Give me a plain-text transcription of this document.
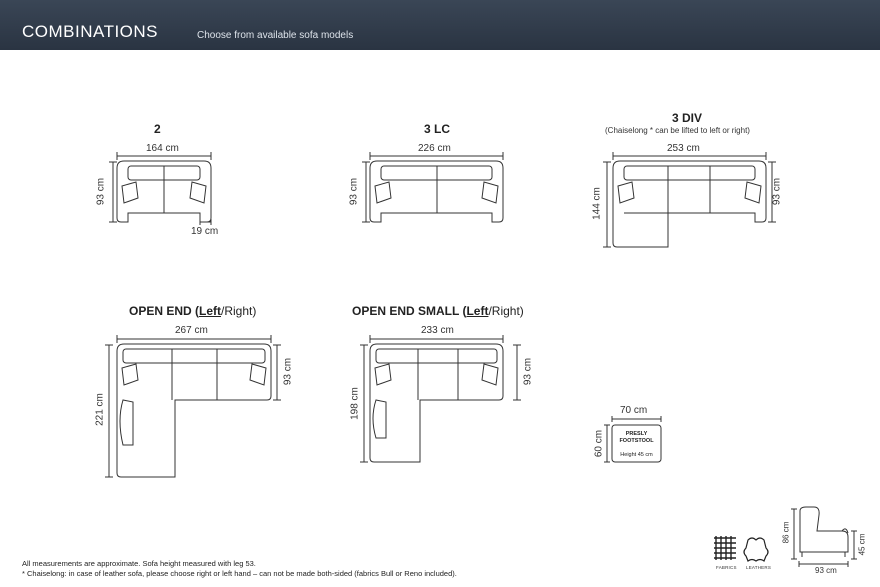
COMBINATIONS	Choose from available sofa models
2	3 LC
3 DIV
(Chaiselong * can be lifted to left or right)
OPEN END (Left/Right)	OPEN END SMALL (Left/Right)
164 cm
93 cm
19 cm
226 cm
93 cm
253 cm
144 cm	93 cm
267 cm
221 cm
93 cm
233 cm
198 cm
93 cm
70 cm
60 cm	PRESLY
FOOTSTOOL
Height 45 cm
FABRICS LEATHERS
86 cm
45 cm
93 cm
All measurements are approximate. Sofa height measured with leg 53.
* Chaiselong: in case of leather sofa, please choose right or left hand – can not be made both-sided (fabrics Bull or Reno included).
